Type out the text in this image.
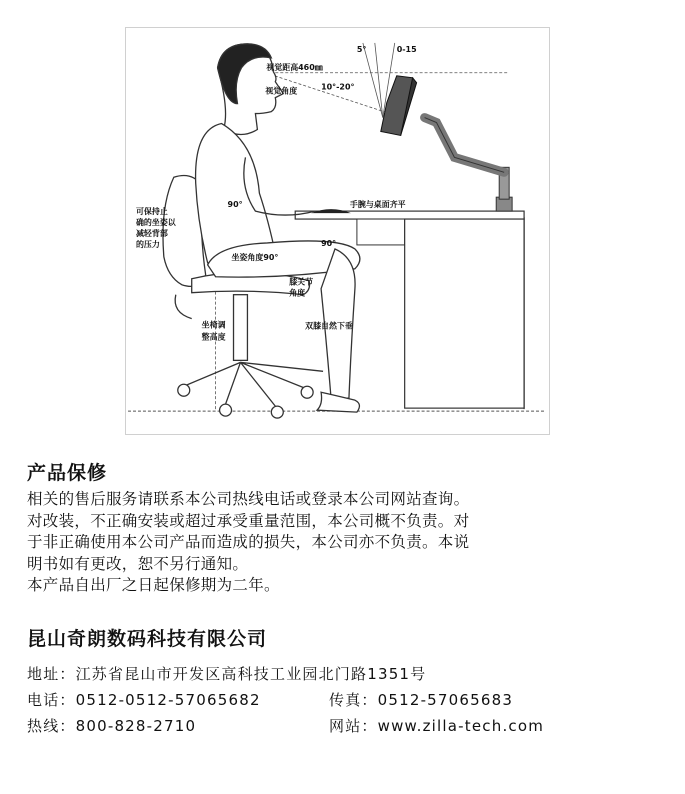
视觉距高460㎜
视觉角度	10°-20°
5°	0-15
可保持止
确的坐姿以
减轻背部
的压力
90°	手腕与桌面齐平
坐姿角度90°
90°
膝关节
角度
坐椅调
整高度
双膝自然下垂
产品保修

相关的售后服务请联系本公司热线电话或登录本公司网站查询。

对改装，不正确安装或超过承受重量范围，本公司概不负责。对

于非正确使用本公司产品而造成的损失，本公司亦不负责。本说

明书如有更改，恕不另行通知。

本产品自出厂之日起保修期为二年。

昆山奇朗数码科技有限公司
地址：江苏省昆山市开发区高科技工业园北门路1351号
电话：0512-0512-57065682	传真：0512-57065683
热线：800-828-2710	网站：www.zilla-tech.com
